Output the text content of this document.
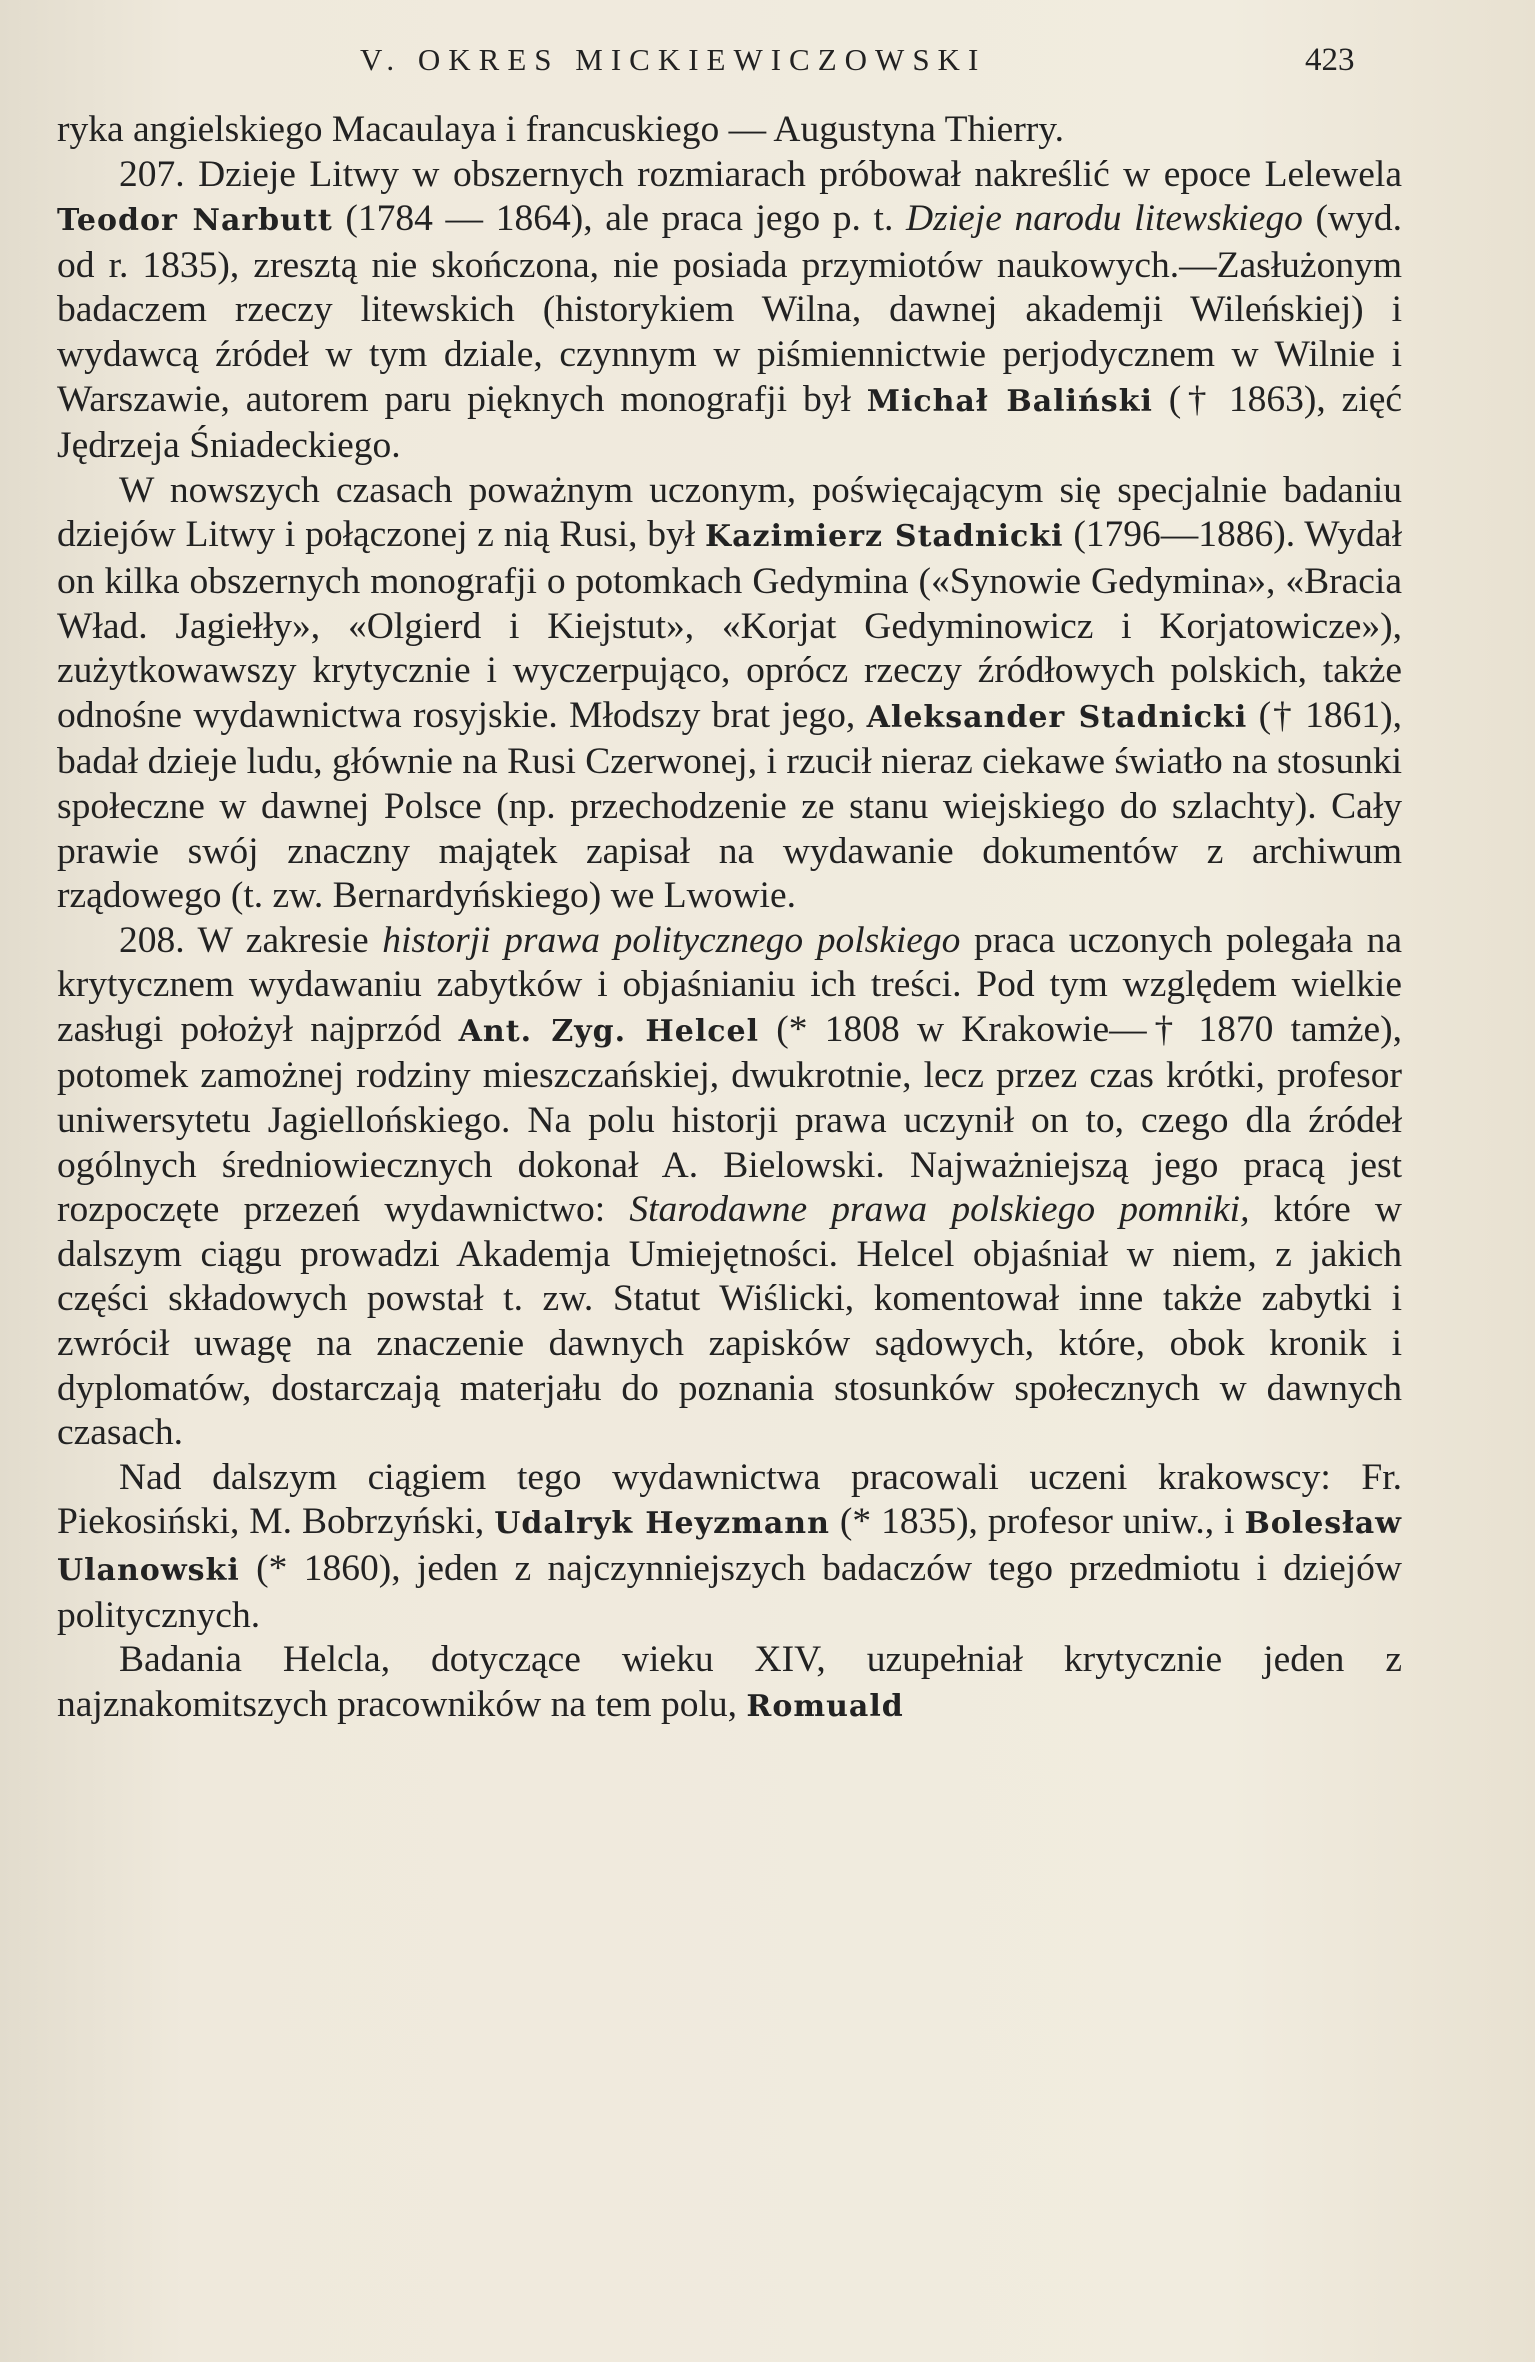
V. OKRES MICKIEWICZOWSKI	423

ryka angielskiego Macaulaya i francuskiego — Augustyna Thierry.

207. Dzieje Litwy w obszernych rozmiarach próbował nakreślić w epoce Lelewela Teodor Narbutt (1784 — 1864), ale praca jego p. t. Dzieje narodu litewskiego (wyd. od r. 1835), zresztą nie skończona, nie posiada przymiotów naukowych.—Zasłużonym badaczem rzeczy litewskich (historykiem Wilna, dawnej akademji Wileńskiej) i wydawcą źródeł w tym dziale, czynnym w piśmiennictwie perjodycznem w Wilnie i Warszawie, autorem paru pięknych monografji był Michał Baliński († 1863), zięć Jędrzeja Śniadeckiego.

W nowszych czasach poważnym uczonym, poświęcającym się specjalnie badaniu dziejów Litwy i połączonej z nią Rusi, był Kazimierz Stadnicki (1796—1886). Wydał on kilka obszernych monografji o potomkach Gedymina («Synowie Gedymina», «Bracia Wład. Jagiełły», «Olgierd i Kiejstut», «Korjat Gedyminowicz i Korjatowicze»), zużytkowawszy krytycznie i wyczerpująco, oprócz rzeczy źródłowych polskich, także odnośne wydawnictwa rosyjskie. Młodszy brat jego, Aleksander Stadnicki († 1861), badał dzieje ludu, głównie na Rusi Czerwonej, i rzucił nieraz ciekawe światło na stosunki społeczne w dawnej Polsce (np. przechodzenie ze stanu wiejskiego do szlachty). Cały prawie swój znaczny majątek zapisał na wydawanie dokumentów z archiwum rządowego (t. zw. Bernardyńskiego) we Lwowie.

208. W zakresie historji prawa politycznego polskiego praca uczonych polegała na krytycznem wydawaniu zabytków i objaśnianiu ich treści. Pod tym względem wielkie zasługi położył najprzód Ant. Zyg. Helcel (* 1808 w Krakowie—† 1870 tamże), potomek zamożnej rodziny mieszczańskiej, dwukrotnie, lecz przez czas krótki, profesor uniwersytetu Jagiellońskiego. Na polu historji prawa uczynił on to, czego dla źródeł ogólnych średniowiecznych dokonał A. Bielowski. Najważniejszą jego pracą jest rozpoczęte przezeń wydawnictwo: Starodawne prawa polskiego pomniki, które w dalszym ciągu prowadzi Akademja Umiejętności. Helcel objaśniał w niem, z jakich części składowych powstał t. zw. Statut Wiślicki, komentował inne także zabytki i zwrócił uwagę na znaczenie dawnych zapisków sądowych, które, obok kronik i dyplomatów, dostarczają materjału do poznania stosunków społecznych w dawnych czasach.

Nad dalszym ciągiem tego wydawnictwa pracowali uczeni krakowscy: Fr. Piekosiński, M. Bobrzyński, Udalryk Heyzmann (* 1835), profesor uniw., i Bolesław Ulanowski (* 1860), jeden z najczynniejszych badaczów tego przedmiotu i dziejów politycznych.

Badania Helcla, dotyczące wieku XIV, uzupełniał krytycznie jeden z najznakomitszych pracowników na tem polu, Romuald
